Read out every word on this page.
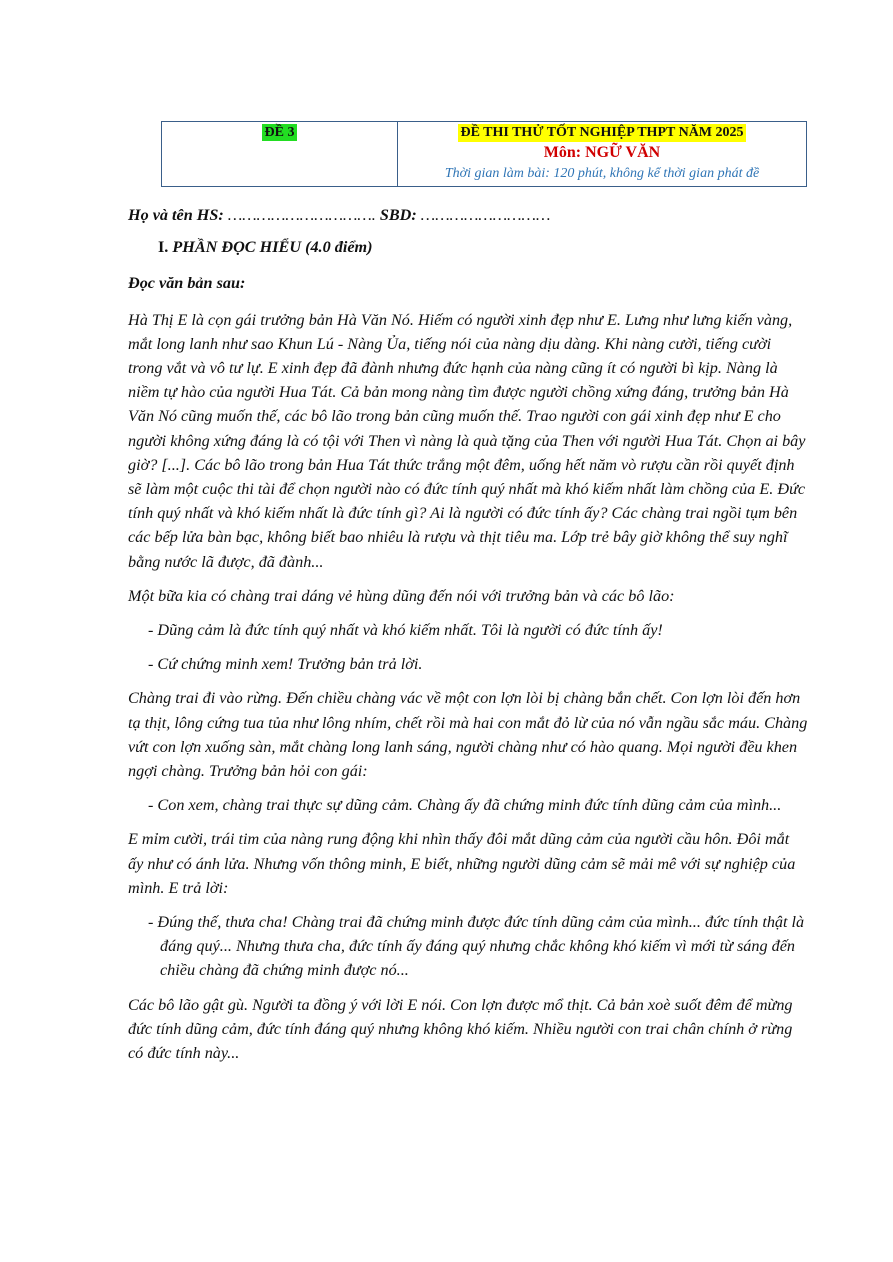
ĐỀ 3	ĐỀ THI THỬ TỐT NGHIỆP THPT NĂM 2025
Môn: NGỮ VĂN
Thời gian làm bài: 120 phút, không kể thời gian phát đề

Họ và tên HS: …………………………. SBD: ………………………

I. PHẦN ĐỌC HIỂU (4.0 điểm)

Đọc văn bản sau:

Hà Thị E là cọn gái trưởng bản Hà Văn Nó. Hiếm có người xinh đẹp như E. Lưng như lưng kiến vàng, mắt long lanh như sao Khun Lú - Nàng Ủa, tiếng nói của nàng dịu dàng. Khi nàng cười, tiếng cười trong vắt và vô tư lự. E xinh đẹp đã đành nhưng đức hạnh của nàng cũng ít có người bì kịp. Nàng là niềm tự hào của người Hua Tát. Cả bản mong nàng tìm được người chồng xứng đáng, trưởng bản Hà Văn Nó cũng muốn thế, các bô lão trong bản cũng muốn thế. Trao người con gái xinh đẹp như E cho người không xứng đáng là có tội với Then vì nàng là quà tặng của Then với người Hua Tát. Chọn ai bây giờ? [...]. Các bô lão trong bản Hua Tát thức trắng một đêm, uống hết năm vò rượu cần rồi quyết định sẽ làm một cuộc thi tài để chọn người nào có đức tính quý nhất mà khó kiếm nhất làm chồng của E. Đức tính quý nhất và khó kiếm nhất là đức tính gì? Ai là người có đức tính ấy? Các chàng trai ngồi tụm bên các bếp lửa bàn bạc, không biết bao nhiêu là rượu và thịt tiêu ma. Lớp trẻ bây giờ không thể suy nghĩ bằng nước lã được, đã đành...

Một bữa kia có chàng trai dáng vẻ hùng dũng đến nói với trưởng bản và các bô lão:

- Dũng cảm là đức tính quý nhất và khó kiếm nhất. Tôi là người có đức tính ấy!

- Cứ chứng minh xem! Trưởng bản trả lời.

Chàng trai đi vào rừng. Đến chiều chàng vác về một con lợn lòi bị chàng bắn chết. Con lợn lòi đến hơn tạ thịt, lông cứng tua tủa như lông nhím, chết rồi mà hai con mắt đỏ lừ của nó vẫn ngầu sắc máu. Chàng vứt con lợn xuống sàn, mắt chàng long lanh sáng, người chàng như có hào quang. Mọi người đều khen ngợi chàng. Trưởng bản hỏi con gái:

- Con xem, chàng trai thực sự dũng cảm. Chàng ấy đã chứng minh đức tính dũng cảm của mình...

E mỉm cười, trái tim của nàng rung động khi nhìn thấy đôi mắt dũng cảm của người cầu hôn. Đôi mắt ấy như có ánh lửa. Nhưng vốn thông minh, E biết, những người dũng cảm sẽ mải mê với sự nghiệp của mình. E trả lời:

- Đúng thế, thưa cha! Chàng trai đã chứng minh được đức tính dũng cảm của mình... đức tính thật là đáng quý... Nhưng thưa cha, đức tính ấy đáng quý nhưng chắc không khó kiếm vì mới từ sáng đến chiều chàng đã chứng minh được nó...

Các bô lão gật gù. Người ta đồng ý với lời E nói. Con lợn được mổ thịt. Cả bản xoè suốt đêm để mừng đức tính dũng cảm, đức tính đáng quý nhưng không khó kiếm. Nhiều người con trai chân chính ở rừng có đức tính này...
